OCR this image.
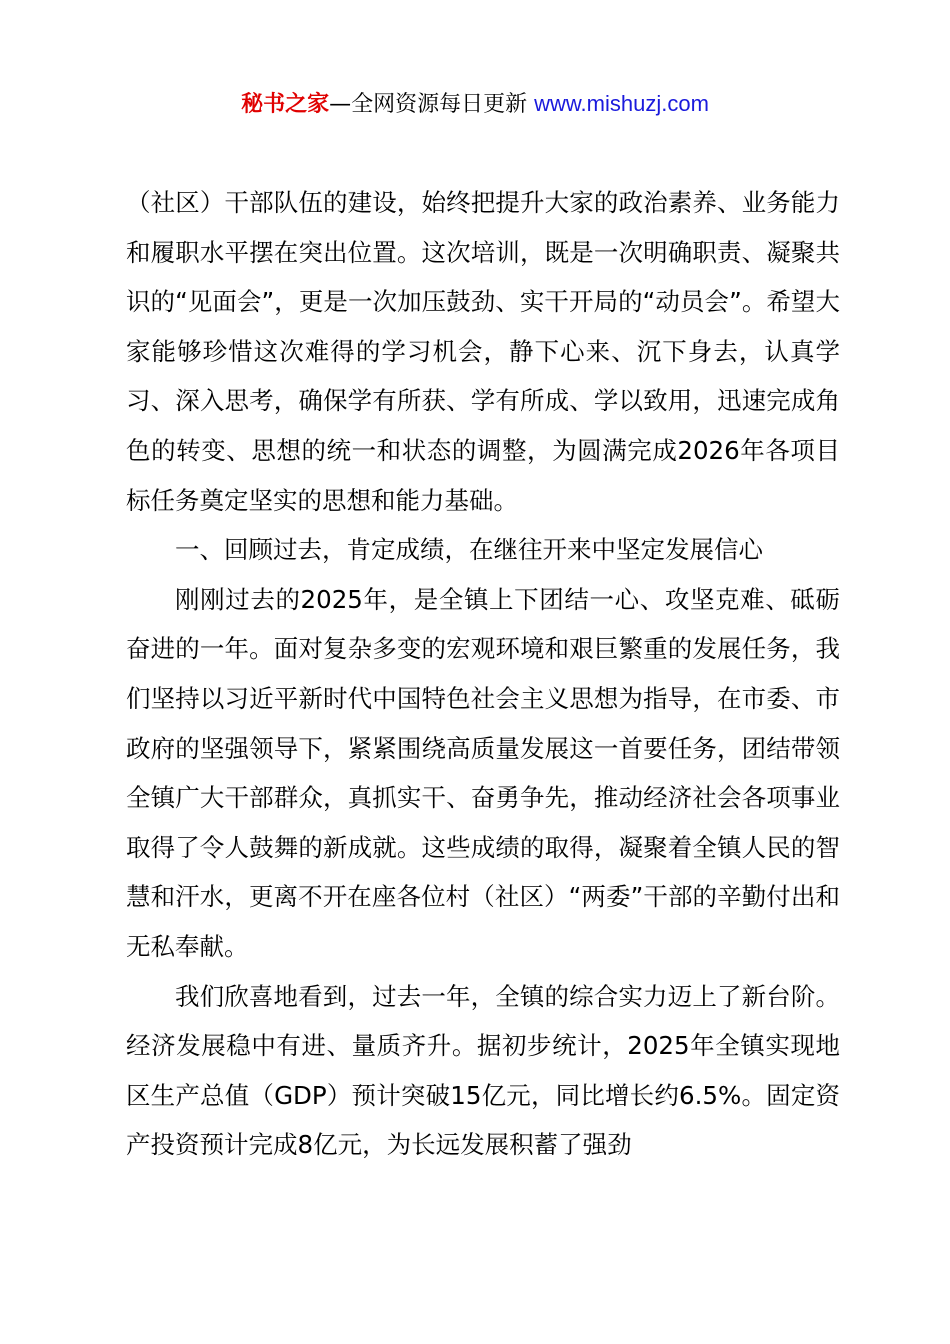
秘书之家—全网资源每日更新 www.mishuzj.com

（社区）干部队伍的建设，始终把提升大家的政治素养、业务能力和履职水平摆在突出位置。这次培训，既是一次明确职责、凝聚共识的“见面会”，更是一次加压鼓劲、实干开局的“动员会”。希望大家能够珍惜这次难得的学习机会，静下心来、沉下身去，认真学习、深入思考，确保学有所获、学有所成、学以致用，迅速完成角色的转变、思想的统一和状态的调整，为圆满完成2026年各项目标任务奠定坚实的思想和能力基础。

一、回顾过去，肯定成绩，在继往开来中坚定发展信心

刚刚过去的2025年，是全镇上下团结一心、攻坚克难、砥砺奋进的一年。面对复杂多变的宏观环境和艰巨繁重的发展任务，我们坚持以习近平新时代中国特色社会主义思想为指导，在市委、市政府的坚强领导下，紧紧围绕高质量发展这一首要任务，团结带领全镇广大干部群众，真抓实干、奋勇争先，推动经济社会各项事业取得了令人鼓舞的新成就。这些成绩的取得，凝聚着全镇人民的智慧和汗水，更离不开在座各位村（社区）“两委”干部的辛勤付出和无私奉献。

我们欣喜地看到，过去一年，全镇的综合实力迈上了新台阶。经济发展稳中有进、量质齐升。据初步统计，2025年全镇实现地区生产总值（GDP）预计突破15亿元，同比增长约6.5%。固定资产投资预计完成8亿元，为长远发展积蓄了强劲
